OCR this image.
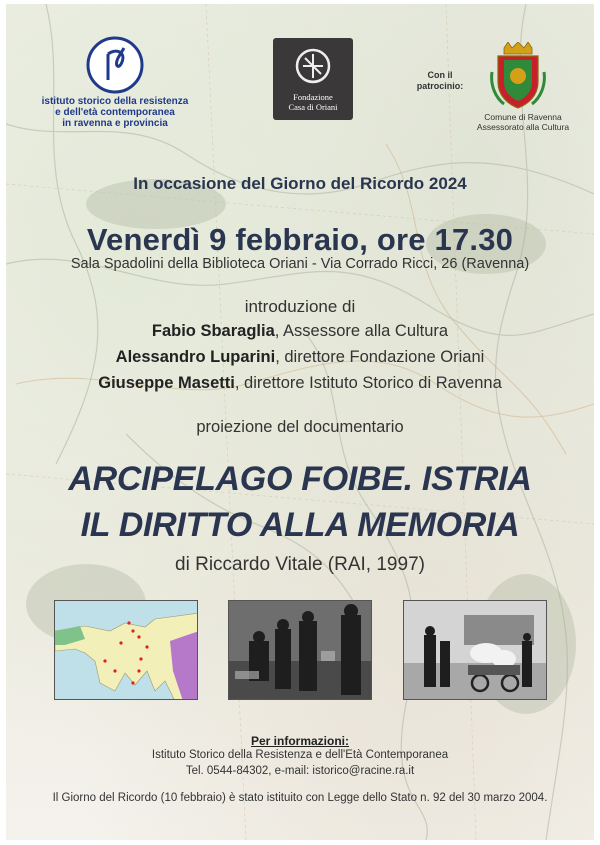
istituto storico della resistenza
e dell'età contemporanea
in ravenna e provincia
Fondazione
Casa di Oriani
Con il
patrocinio:
Comune di Ravenna
Assessorato alla Cultura
In occasione del Giorno del Ricordo 2024
Venerdì 9 febbraio, ore 17.30
Sala Spadolini della Biblioteca Oriani - Via Corrado Ricci, 26 (Ravenna)
introduzione di
Fabio Sbaraglia, Assessore alla Cultura
Alessandro Luparini, direttore Fondazione Oriani
Giuseppe Masetti, direttore Istituto Storico di Ravenna
proiezione del documentario
ARCIPELAGO FOIBE. ISTRIA
IL DIRITTO ALLA MEMORIA
di Riccardo Vitale (RAI, 1997)
Per informazioni:
Istituto Storico della Resistenza e dell'Età Contemporanea
Tel. 0544-84302, e-mail: istorico@racine.ra.it
Il Giorno del Ricordo (10 febbraio) è stato istituito con Legge dello Stato n. 92 del 30 marzo 2004.
